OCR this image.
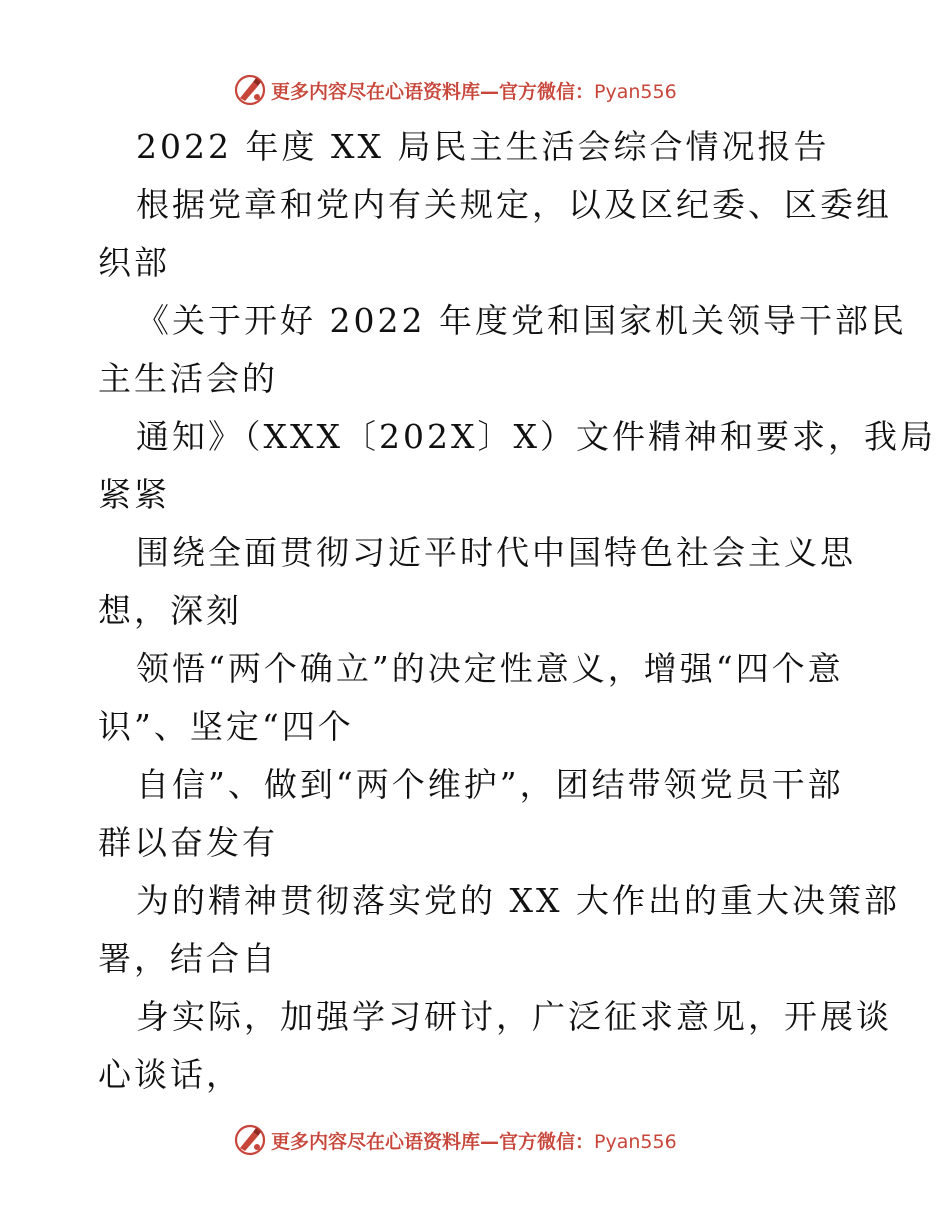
更多内容尽在心语资料库—官方微信：Pyan556
2022 年度 XX 局民主生活会综合情况报告
根据党章和党内有关规定，以及区纪委、区委组
织部
《关于开好 2022 年度党和国家机关领导干部民
主生活会的
通知》（XXX〔202X〕X）文件精神和要求，我局
紧紧
围绕全面贯彻习近平时代中国特色社会主义思
想，深刻
领悟“两个确立”的决定性意义，增强“四个意
识”、坚定“四个
自信”、做到“两个维护”，团结带领党员干部
群以奋发有
为的精神贯彻落实党的 XX 大作出的重大决策部
署，结合自
身实际，加强学习研讨，广泛征求意见，开展谈
心谈话，
更多内容尽在心语资料库—官方微信：Pyan556
